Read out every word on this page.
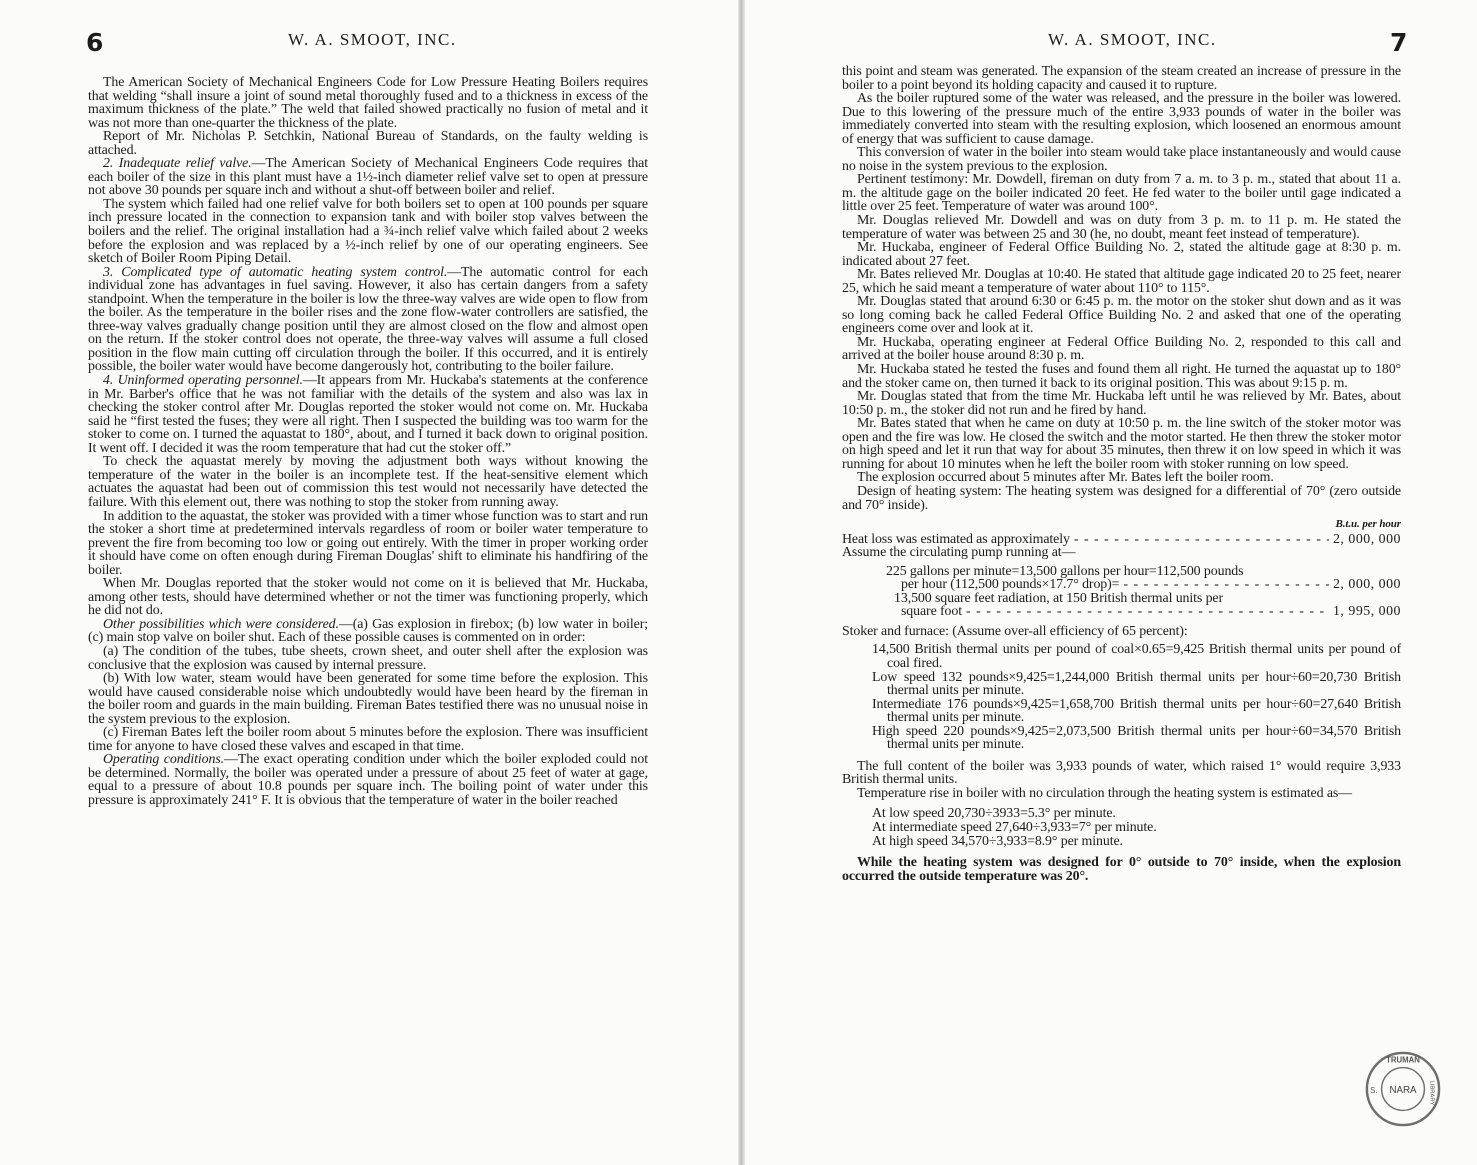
6	W. A. SMOOT, INC.

The American Society of Mechanical Engineers Code for Low Pressure Heating Boilers requires that welding “shall insure a joint of sound metal thoroughly fused and to a thickness in excess of the maximum thickness of the plate.” The weld that failed showed practically no fusion of metal and it was not more than one-quarter the thickness of the plate.

Report of Mr. Nicholas P. Setchkin, National Bureau of Standards, on the faulty welding is attached.

2. Inadequate relief valve.—The American Society of Mechanical Engineers Code requires that each boiler of the size in this plant must have a 1½-inch diameter relief valve set to open at pressure not above 30 pounds per square inch and without a shut-off between boiler and relief.

The system which failed had one relief valve for both boilers set to open at 100 pounds per square inch pressure located in the connection to expansion tank and with boiler stop valves between the boilers and the relief. The original installation had a ¾-inch relief valve which failed about 2 weeks before the explosion and was replaced by a ½-inch relief by one of our operating engineers. See sketch of Boiler Room Piping Detail.

3. Complicated type of automatic heating system control.—The automatic control for each individual zone has advantages in fuel saving. However, it also has certain dangers from a safety standpoint. When the temperature in the boiler is low the three-way valves are wide open to flow from the boiler. As the temperature in the boiler rises and the zone flow-water controllers are satisfied, the three-way valves gradually change position until they are almost closed on the flow and almost open on the return. If the stoker control does not operate, the three-way valves will assume a full closed position in the flow main cutting off circulation through the boiler. If this occurred, and it is entirely possible, the boiler water would have become dangerously hot, contributing to the boiler failure.

4. Uninformed operating personnel.—It appears from Mr. Huckaba's statements at the conference in Mr. Barber's office that he was not familiar with the details of the system and also was lax in checking the stoker control after Mr. Douglas reported the stoker would not come on. Mr. Huckaba said he “first tested the fuses; they were all right. Then I suspected the building was too warm for the stoker to come on. I turned the aquastat to 180°, about, and I turned it back down to original position. It went off. I decided it was the room temperature that had cut the stoker off.”

To check the aquastat merely by moving the adjustment both ways without knowing the temperature of the water in the boiler is an incomplete test. If the heat-sensitive element which actuates the aquastat had been out of commission this test would not necessarily have detected the failure. With this element out, there was nothing to stop the stoker from running away.

In addition to the aquastat, the stoker was provided with a timer whose function was to start and run the stoker a short time at predetermined intervals regardless of room or boiler water temperature to prevent the fire from becoming too low or going out entirely. With the timer in proper working order it should have come on often enough during Fireman Douglas' shift to eliminate his handfiring of the boiler.

When Mr. Douglas reported that the stoker would not come on it is believed that Mr. Huckaba, among other tests, should have determined whether or not the timer was functioning properly, which he did not do.

Other possibilities which were considered.—(a) Gas explosion in firebox; (b) low water in boiler; (c) main stop valve on boiler shut. Each of these possible causes is commented on in order:

(a) The condition of the tubes, tube sheets, crown sheet, and outer shell after the explosion was conclusive that the explosion was caused by internal pressure.

(b) With low water, steam would have been generated for some time before the explosion. This would have caused considerable noise which undoubtedly would have been heard by the fireman in the boiler room and guards in the main building. Fireman Bates testified there was no unusual noise in the system previous to the explosion.

(c) Fireman Bates left the boiler room about 5 minutes before the explosion. There was insufficient time for anyone to have closed these valves and escaped in that time.

Operating conditions.—The exact operating condition under which the boiler exploded could not be determined. Normally, the boiler was operated under a pressure of about 25 feet of water at gage, equal to a pressure of about 10.8 pounds per square inch. The boiling point of water under this pressure is approximately 241° F. It is obvious that the temperature of water in the boiler reached

W. A. SMOOT, INC.	7

this point and steam was generated. The expansion of the steam created an increase of pressure in the boiler to a point beyond its holding capacity and caused it to rupture.

As the boiler ruptured some of the water was released, and the pressure in the boiler was lowered. Due to this lowering of the pressure much of the entire 3,933 pounds of water in the boiler was immediately converted into steam with the resulting explosion, which loosened an enormous amount of energy that was sufficient to cause damage.

This conversion of water in the boiler into steam would take place instantaneously and would cause no noise in the system previous to the explosion.

Pertinent testimony: Mr. Dowdell, fireman on duty from 7 a. m. to 3 p. m., stated that about 11 a. m. the altitude gage on the boiler indicated 20 feet. He fed water to the boiler until gage indicated a little over 25 feet. Temperature of water was around 100°.

Mr. Douglas relieved Mr. Dowdell and was on duty from 3 p. m. to 11 p. m. He stated the temperature of water was between 25 and 30 (he, no doubt, meant feet instead of temperature).

Mr. Huckaba, engineer of Federal Office Building No. 2, stated the altitude gage at 8:30 p. m. indicated about 27 feet.

Mr. Bates relieved Mr. Douglas at 10:40. He stated that altitude gage indicated 20 to 25 feet, nearer 25, which he said meant a temperature of water about 110° to 115°.

Mr. Douglas stated that around 6:30 or 6:45 p. m. the motor on the stoker shut down and as it was so long coming back he called Federal Office Building No. 2 and asked that one of the operating engineers come over and look at it.

Mr. Huckaba, operating engineer at Federal Office Building No. 2, responded to this call and arrived at the boiler house around 8:30 p. m.

Mr. Huckaba stated he tested the fuses and found them all right. He turned the aquastat up to 180° and the stoker came on, then turned it back to its original position. This was about 9:15 p. m.

Mr. Douglas stated that from the time Mr. Huckaba left until he was relieved by Mr. Bates, about 10:50 p. m., the stoker did not run and he fired by hand.

Mr. Bates stated that when he came on duty at 10:50 p. m. the line switch of the stoker motor was open and the fire was low. He closed the switch and the motor started. He then threw the stoker motor on high speed and let it run that way for about 35 minutes, then threw it on low speed in which it was running for about 10 minutes when he left the boiler room with stoker running on low speed.

The explosion occurred about 5 minutes after Mr. Bates left the boiler room.

Design of heating system: The heating system was designed for a differential of 70° (zero outside and 70° inside).

B.t.u. per hour
Heat loss was estimated as approximately - - -	2, 000, 000

Assume the circulating pump running at—

225 gallons per minute=13,500 gallons per hour=112,500 pounds
per hour (112,500 pounds×17.7° drop)= - - -	2, 000, 000
13,500 square feet radiation, at 150 British thermal units per
square foot - - -	1, 995, 000

Stoker and furnace: (Assume over-all efficiency of 65 percent):

14,500 British thermal units per pound of coal×0.65=9,425 British thermal units per pound of coal fired.
Low speed 132 pounds×9,425=1,244,000 British thermal units per hour÷60=20,730 British thermal units per minute.
Intermediate 176 pounds×9,425=1,658,700 British thermal units per hour÷60=27,640 British thermal units per minute.
High speed 220 pounds×9,425=2,073,500 British thermal units per hour÷60=34,570 British thermal units per minute.

The full content of the boiler was 3,933 pounds of water, which raised 1° would require 3,933 British thermal units.

Temperature rise in boiler with no circulation through the heating system is estimated as—

At low speed 20,730÷3933=5.3° per minute.
At intermediate speed 27,640÷3,933=7° per minute.
At high speed 34,570÷3,933=8.9° per minute.

While the heating system was designed for 0° outside to 70° inside, when the explosion occurred the outside temperature was 20°.

NARA
TRUMAN
LIBRARY
S.
